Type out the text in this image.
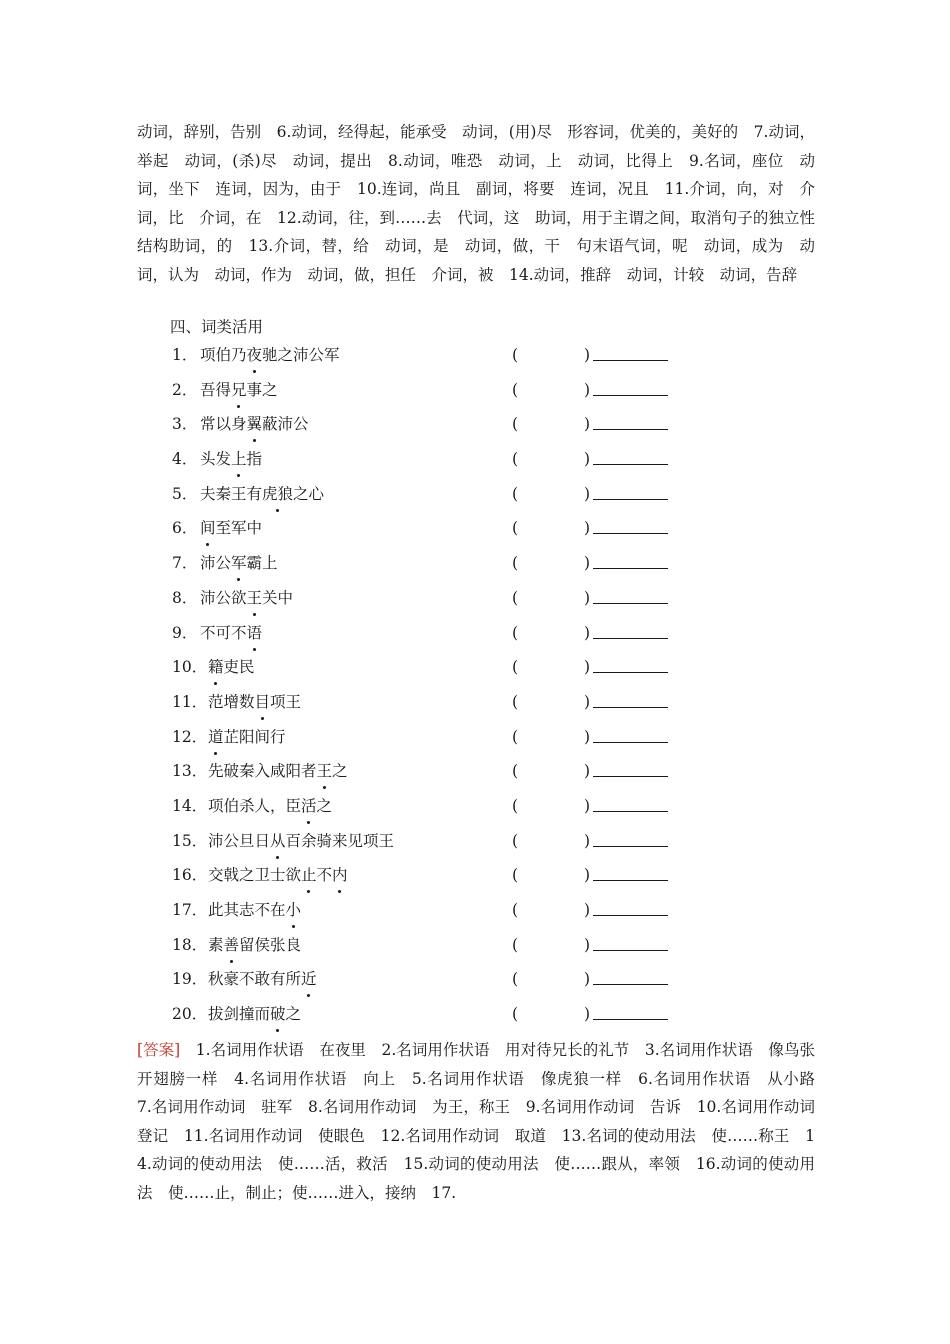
动词，辞别，告别　6.动词，经得起，能承受　动词，(用)尽　形容词，优美的，美好的　7.动词，举起　动词，(杀)尽　动词，提出　8.动词，唯恐　动词，上　动词，比得上　9.名词，座位　动词，坐下　连词，因为，由于　10.连词，尚且　副词，将要　连词，况且　11.介词，向，对　介词，比　介词，在　12.动词，往，到……去　代词，这　助词，用于主谓之间，取消句子的独立性　结构助词，的　13.介词，替，给　动词，是　动词，做，干　句末语气词，呢　动词，成为　动词，认为　动词，作为　动词，做，担任　介词，被　14.动词，推辞　动词，计较　动词，告辞
四、词类活用
1． 项伯乃夜驰之沛公军	(	)
2． 吾得兄事之	(	)
3． 常以身翼蔽沛公	(	)
4． 头发上指	(	)
5． 夫秦王有虎狼之心	(	)
6． 间至军中	(	)
7． 沛公军霸上	(	)
8． 沛公欲王关中	(	)
9． 不可不语	(	)
10． 籍吏民	(	)
11． 范增数目项王	(	)
12． 道芷阳间行	(	)
13． 先破秦入咸阳者王之	(	)
14． 项伯杀人，臣活之	(	)
15． 沛公旦日从百余骑来见项王	(	)
16． 交戟之卫士欲止不内	(	)
17． 此其志不在小	(	)
18． 素善留侯张良	(	)
19． 秋豪不敢有所近	(	)
20． 拔剑撞而破之	(	)
[答案]　1.名词用作状语　在夜里　2.名词用作状语　用对待兄长的礼节　3.名词用作状语　像鸟张开翅膀一样　4.名词用作状语　向上　5.名词用作状语　像虎狼一样　6.名词用作状语　从小路　7.名词用作动词　驻军　8.名词用作动词　为王，称王　9.名词用作动词　告诉　10.名词用作动词　登记　11.名词用作动词　使眼色　12.名词用作动词　取道　13.名词的使动用法　使……称王　14.动词的使动用法　使……活，救活　15.动词的使动用法　使……跟从，率领　16.动词的使动用法　使……止，制止；使……进入，接纳　17.
